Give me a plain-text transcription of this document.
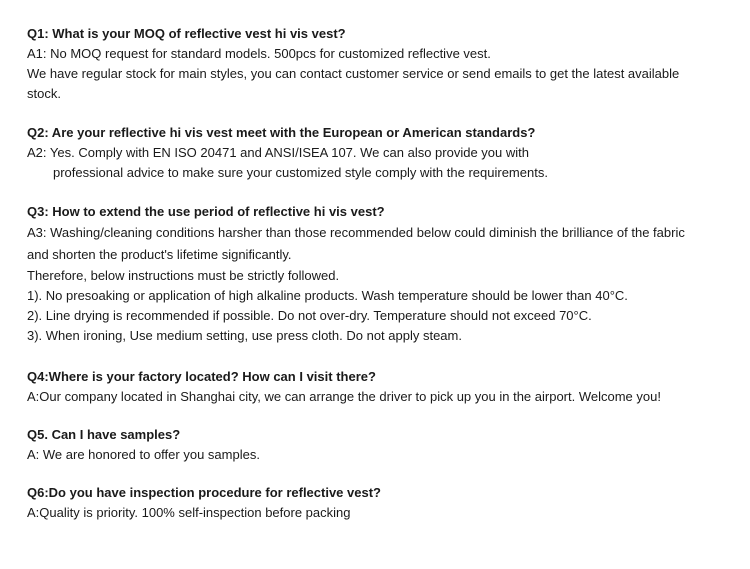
Q1: What is your MOQ of reflective vest hi vis vest?

A1: No MOQ request for standard models. 500pcs for customized reflective vest.

We have regular stock for main styles, you can contact customer service or send emails to get the latest available

stock.

Q2: Are your reflective hi vis vest meet with the European or American standards?

A2: Yes. Comply with EN ISO 20471 and ANSI/ISEA 107. We can also provide you with

professional advice to make sure your customized style comply with the requirements.

Q3: How to extend the use period of reflective hi vis vest?

A3: Washing/cleaning conditions harsher than those recommended below could diminish the brilliance of the fabric

and shorten the product's lifetime significantly.

Therefore, below instructions must be strictly followed.

1). No presoaking or application of high alkaline products. Wash temperature should be lower than 40°C.

2). Line drying is recommended if possible. Do not over-dry. Temperature should not exceed 70°C.

3). When ironing, Use medium setting, use press cloth. Do not apply steam.

Q4:Where is your factory located? How can I visit there?

A:Our company located in Shanghai city, we can arrange the driver to pick up you in the airport. Welcome you!

Q5. Can I have samples?

A: We are honored to offer you samples.

Q6:Do you have inspection procedure for reflective vest?

A:Quality is priority. 100% self-inspection before packing
